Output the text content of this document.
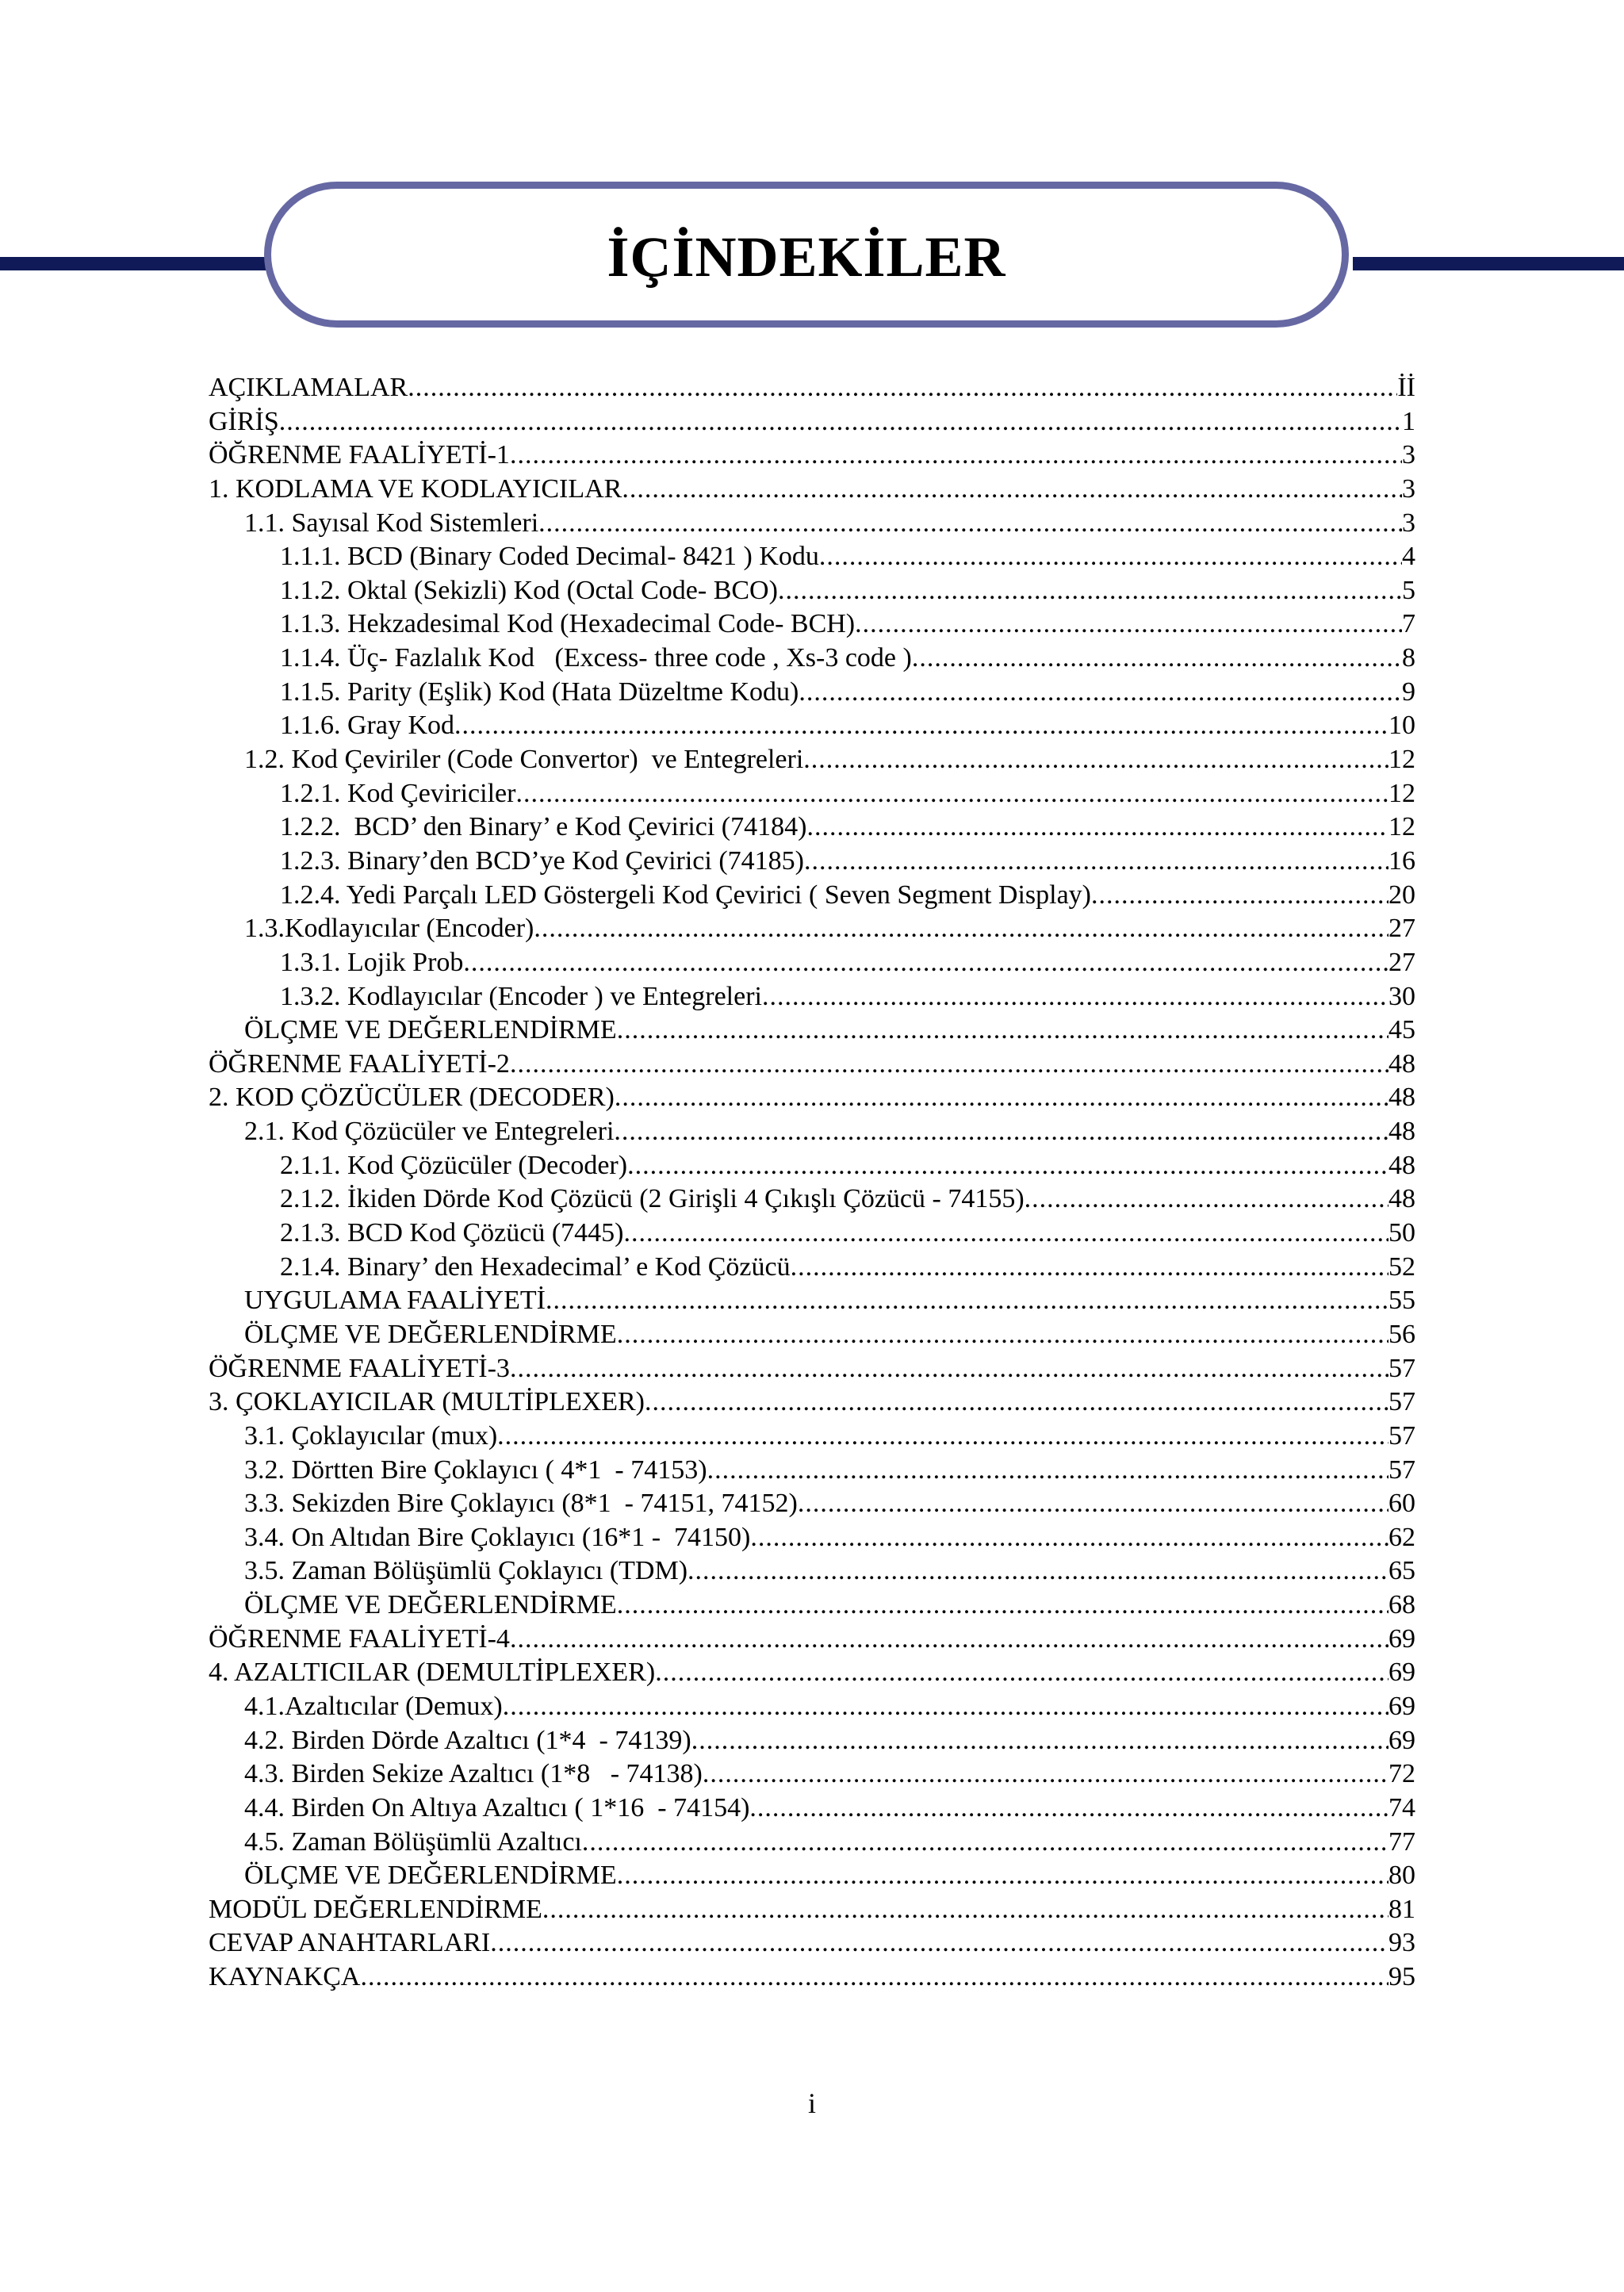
İÇİNDEKİLER
AÇIKLAMALAR .....	İİ
GİRİŞ .....	1
ÖĞRENME FAALİYETİ-1 .....	3
1. KODLAMA VE KODLAYICILAR .....	3
1.1. Sayısal Kod Sistemleri .....	3
1.1.1. BCD (Binary Coded Decimal- 8421 ) Kodu .....	4
1.1.2. Oktal (Sekizli) Kod (Octal Code- BCO) .....	5
1.1.3. Hekzadesimal Kod (Hexadecimal Code- BCH) .....	7
1.1.4. Üç- Fazlalık Kod   (Excess- three code , Xs-3 code ) .....	8
1.1.5. Parity (Eşlik) Kod (Hata Düzeltme Kodu) .....	9
1.1.6. Gray Kod .....	10
1.2. Kod Çeviriler (Code Convertor)  ve Entegreleri .....	12
1.2.1. Kod Çeviriciler .....	12
1.2.2.  BCD’ den Binary’ e Kod Çevirici (74184) .....	12
1.2.3. Binary’den BCD’ye Kod Çevirici (74185) .....	16
1.2.4. Yedi Parçalı LED Göstergeli Kod Çevirici ( Seven Segment Display) .....	20
1.3.Kodlayıcılar (Encoder) .....	27
1.3.1. Lojik Prob .....	27
1.3.2. Kodlayıcılar (Encoder ) ve Entegreleri .....	30
ÖLÇME VE DEĞERLENDİRME .....	45
ÖĞRENME FAALİYETİ-2 .....	48
2. KOD ÇÖZÜCÜLER (DECODER) .....	48
2.1. Kod Çözücüler ve Entegreleri .....	48
2.1.1. Kod Çözücüler (Decoder) .....	48
2.1.2. İkiden Dörde Kod Çözücü (2 Girişli 4 Çıkışlı Çözücü - 74155) .....	48
2.1.3. BCD Kod Çözücü (7445) .....	50
2.1.4. Binary’ den Hexadecimal’ e Kod Çözücü .....	52
UYGULAMA FAALİYETİ .....	55
ÖLÇME VE DEĞERLENDİRME .....	56
ÖĞRENME FAALİYETİ-3 .....	57
3. ÇOKLAYICILAR (MULTİPLEXER) .....	57
3.1. Çoklayıcılar (mux) .....	57
3.2. Dörtten Bire Çoklayıcı ( 4*1  - 74153) .....	57
3.3. Sekizden Bire Çoklayıcı (8*1  - 74151, 74152) .....	60
3.4. On Altıdan Bire Çoklayıcı (16*1 -  74150) .....	62
3.5. Zaman Bölüşümlü Çoklayıcı (TDM) .....	65
ÖLÇME VE DEĞERLENDİRME .....	68
ÖĞRENME FAALİYETİ-4 .....	69
4. AZALTICILAR (DEMULTİPLEXER) .....	69
4.1.Azaltıcılar (Demux) .....	69
4.2. Birden Dörde Azaltıcı (1*4  - 74139) .....	69
4.3. Birden Sekize Azaltıcı (1*8   - 74138) .....	72
4.4. Birden On Altıya Azaltıcı ( 1*16  - 74154) .....	74
4.5. Zaman Bölüşümlü Azaltıcı .....	77
ÖLÇME VE DEĞERLENDİRME .....	80
MODÜL DEĞERLENDİRME .....	81
CEVAP ANAHTARLARI .....	93
KAYNAKÇA .....	95
i
